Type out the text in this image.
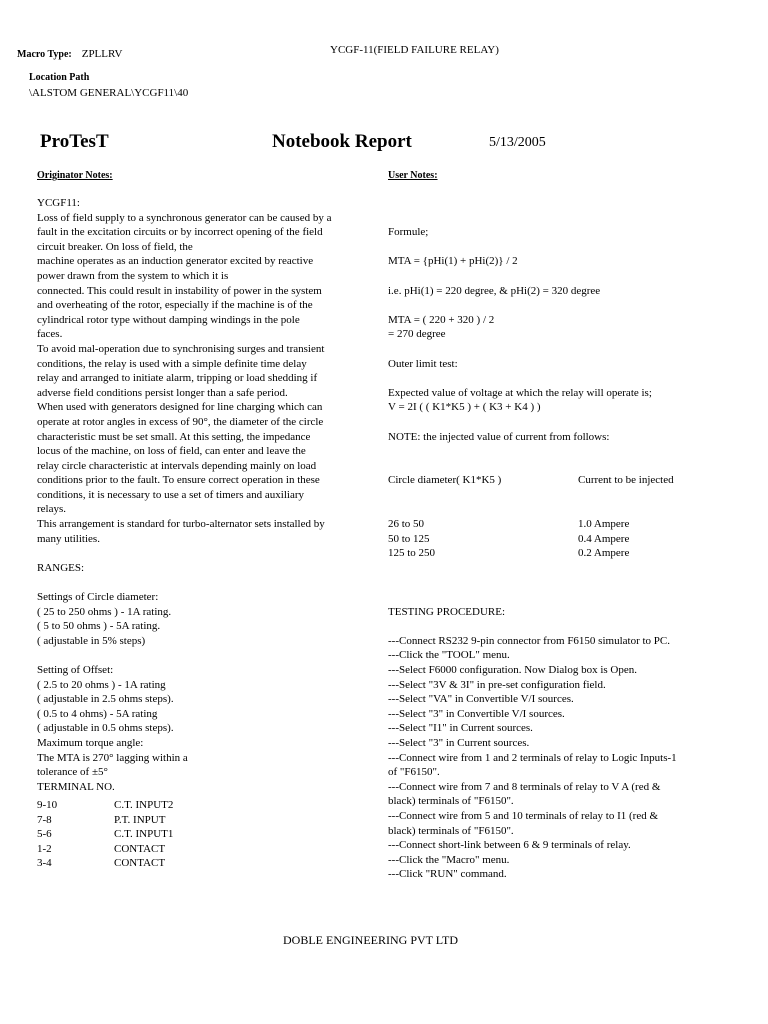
Macro Type: ZPLLRV	YCGF-11(FIELD FAILURE RELAY)
Location Path
\ALSTOM GENERAL\YCGF11\40
ProTesT	Notebook Report	5/13/2005
Originator Notes:
YCGF11:
Loss of field supply to a synchronous generator can be caused by a
fault in the excitation circuits or by incorrect opening of the field
circuit breaker. On loss of field, the
machine operates as an induction generator excited by reactive
power drawn from the system to which it is
connected. This could result in instability of power in the system
and overheating of the rotor, especially if the machine is of the
cylindrical rotor type without damping windings in the pole
faces.
To avoid mal-operation due to synchronising surges and transient
conditions, the relay is used with a simple definite time delay
relay and arranged to initiate alarm, tripping or load shedding if
adverse field conditions persist longer than a safe period.
When used with generators designed for line charging which can
operate at rotor angles in excess of 90°, the diameter of the circle
characteristic must be set small. At this setting, the impedance
locus of the machine, on loss of field, can enter and leave the
relay circle characteristic at intervals depending mainly on load
conditions prior to the fault. To ensure correct operation in these
conditions, it is necessary to use a set of timers and auxiliary
relays.
This arrangement is standard for turbo-alternator sets installed by
many utilities.
RANGES:
Settings of Circle diameter:
( 25 to 250 ohms ) - 1A rating.
( 5 to 50 ohms ) - 5A rating.
( adjustable in 5% steps)
Setting of Offset:
( 2.5 to 20 ohms ) - 1A rating
( adjustable in 2.5 ohms steps).
( 0.5 to 4 ohms) - 5A rating
( adjustable in 0.5 ohms steps).
Maximum torque angle:
The MTA is 270° lagging within a
tolerance of ±5°
TERMINAL NO.
9-10	C.T. INPUT2
7-8	P.T. INPUT
5-6	C.T. INPUT1
1-2	CONTACT
3-4	CONTACT
User Notes:

Formule;
MTA = {pHi(1) + pHi(2)} / 2
i.e. pHi(1) = 220 degree, & pHi(2) = 320 degree
MTA = ( 220 + 320 ) / 2
= 270 degree
Outer limit test:
Expected value of voltage at which the relay will operate is;
V = 2I ( ( K1*K5 ) + ( K3 + K4 ) )
NOTE: the injected value of current from follows:

Circle diameter( K1*K5 )	Current to be injected

26 to 50	1.0 Ampere
50 to 125	0.4 Ampere
125 to 250	0.2 Ampere

TESTING PROCEDURE:
---Connect RS232 9-pin connector from F6150 simulator to PC.
---Click the "TOOL" menu.
---Select F6000 configuration. Now Dialog box is Open.
---Select "3V & 3I" in pre-set configuration field.
---Select "VA" in Convertible V/I sources.
---Select "3" in Convertible V/I sources.
---Select "I1" in Current sources.
---Select "3" in Current sources.
---Connect wire from 1 and 2 terminals of relay to Logic Inputs-1
of "F6150".
---Connect wire from 7 and 8 terminals of relay to V A (red &
black) terminals of "F6150".
---Connect wire from 5 and 10 terminals of relay to I1 (red &
black) terminals of "F6150".
---Connect short-link between 6 & 9 terminals of relay.
---Click the "Macro" menu.
---Click "RUN" command.

DOBLE ENGINEERING PVT LTD
